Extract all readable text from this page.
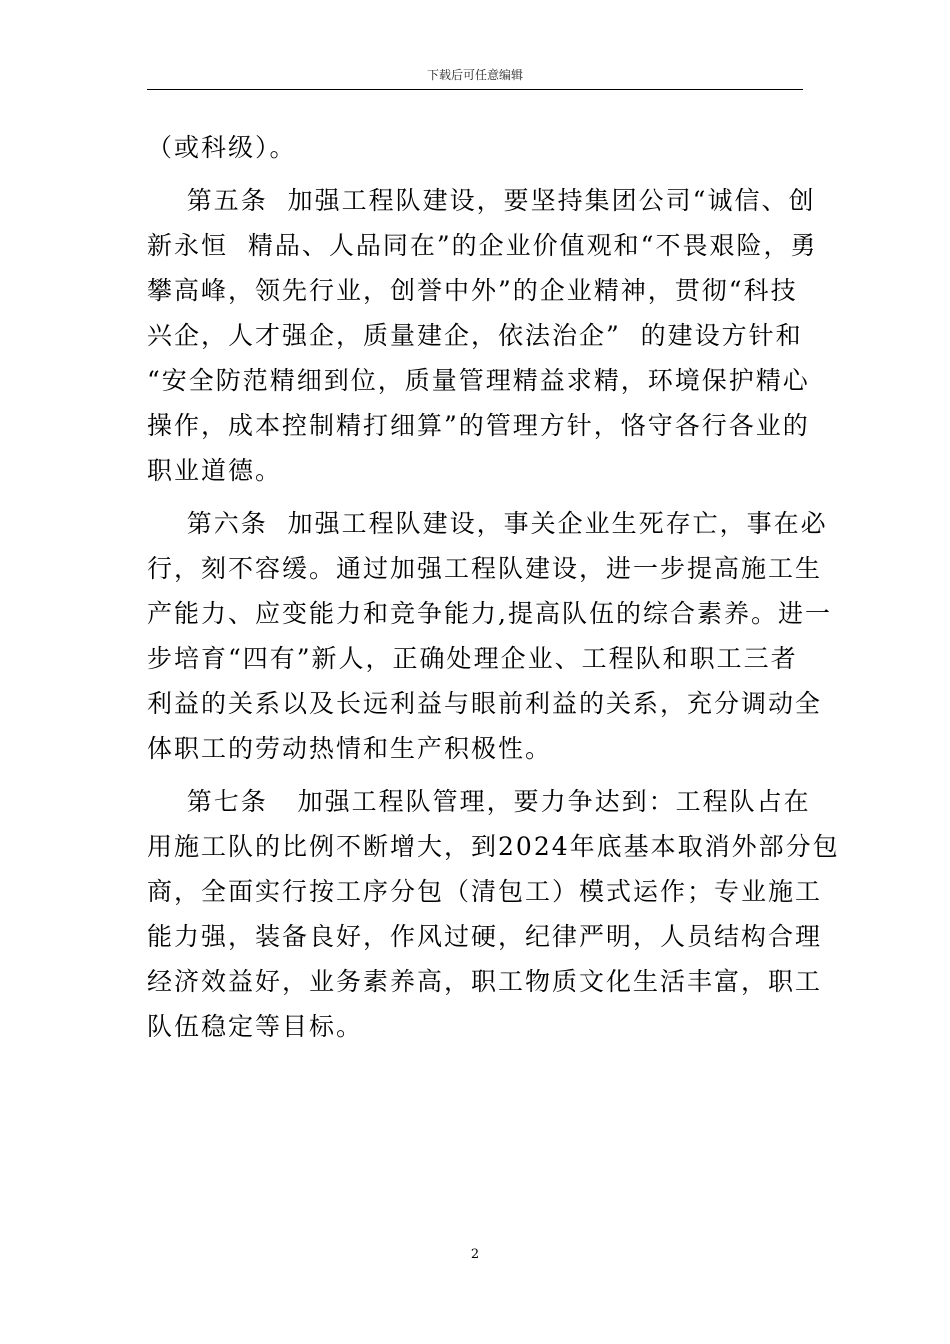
下载后可任意编辑
（或科级）。
第五条  加强工程队建设，要坚持集团公司“诚信、创
新永恒  精品、人品同在”的企业价值观和“不畏艰险，勇
攀高峰，领先行业，创誉中外”的企业精神，贯彻“科技
兴企，人才强企，质量建企，依法治企”  的建设方针和
“安全防范精细到位，质量管理精益求精，环境保护精心
操作，成本控制精打细算”的管理方针，恪守各行各业的
职业道德。
第六条  加强工程队建设，事关企业生死存亡，事在必
行，刻不容缓。通过加强工程队建设，进一步提高施工生
产能力、应变能力和竞争能力,提高队伍的综合素养。进一
步培育“四有”新人，正确处理企业、工程队和职工三者
利益的关系以及长远利益与眼前利益的关系，充分调动全
体职工的劳动热情和生产积极性。
第七条   加强工程队管理，要力争达到：工程队占在
用施工队的比例不断增大，到2024年底基本取消外部分包
商，全面实行按工序分包（清包工）模式运作；专业施工
能力强，装备良好，作风过硬，纪律严明，人员结构合理
经济效益好，业务素养高，职工物质文化生活丰富，职工
队伍稳定等目标。
2
